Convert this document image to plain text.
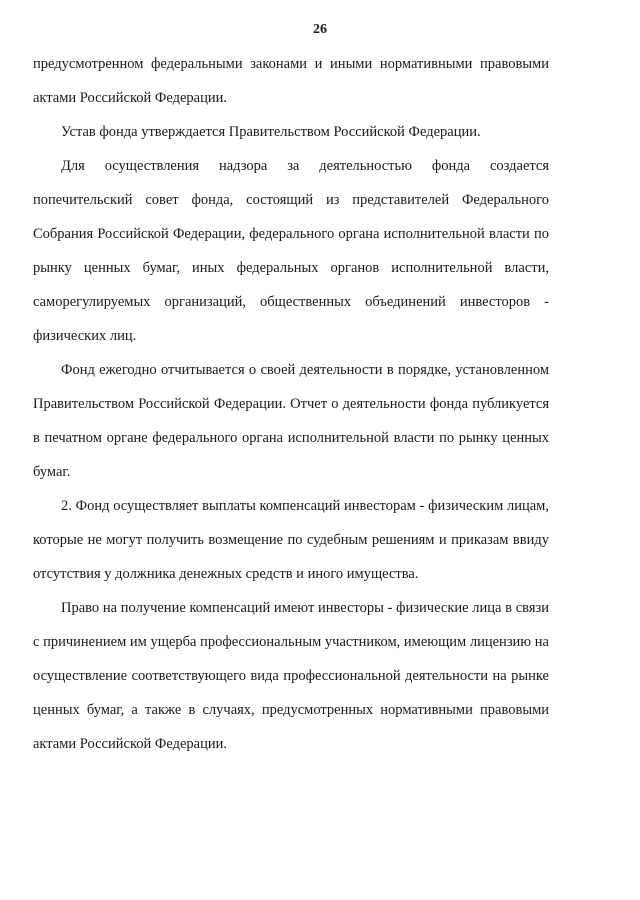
26

предусмотренном федеральными законами и иными нормативными правовыми актами Российской Федерации.

Устав фонда утверждается Правительством Российской Федерации.

Для осуществления надзора за деятельностью фонда создается попечительский совет фонда, состоящий из представителей Федерального Собрания Российской Федерации, федерального органа исполнительной власти по рынку ценных бумаг, иных федеральных органов исполнительной власти, саморегулируемых организаций, общественных объединений инвесторов - физических лиц.

Фонд ежегодно отчитывается о своей деятельности в порядке, установленном Правительством Российской Федерации. Отчет о деятельности фонда публикуется в печатном органе федерального органа исполнительной власти по рынку ценных бумаг.

2. Фонд осуществляет выплаты компенсаций инвесторам - физическим лицам, которые не могут получить возмещение по судебным решениям и приказам ввиду отсутствия у должника денежных средств и иного имущества.

Право на получение компенсаций имеют инвесторы - физические лица в связи с причинением им ущерба профессиональным участником, имеющим лицензию на осуществление соответствующего вида профессиональной деятельности на рынке ценных бумаг, а также в случаях, предусмотренных нормативными правовыми актами Российской Федерации.
